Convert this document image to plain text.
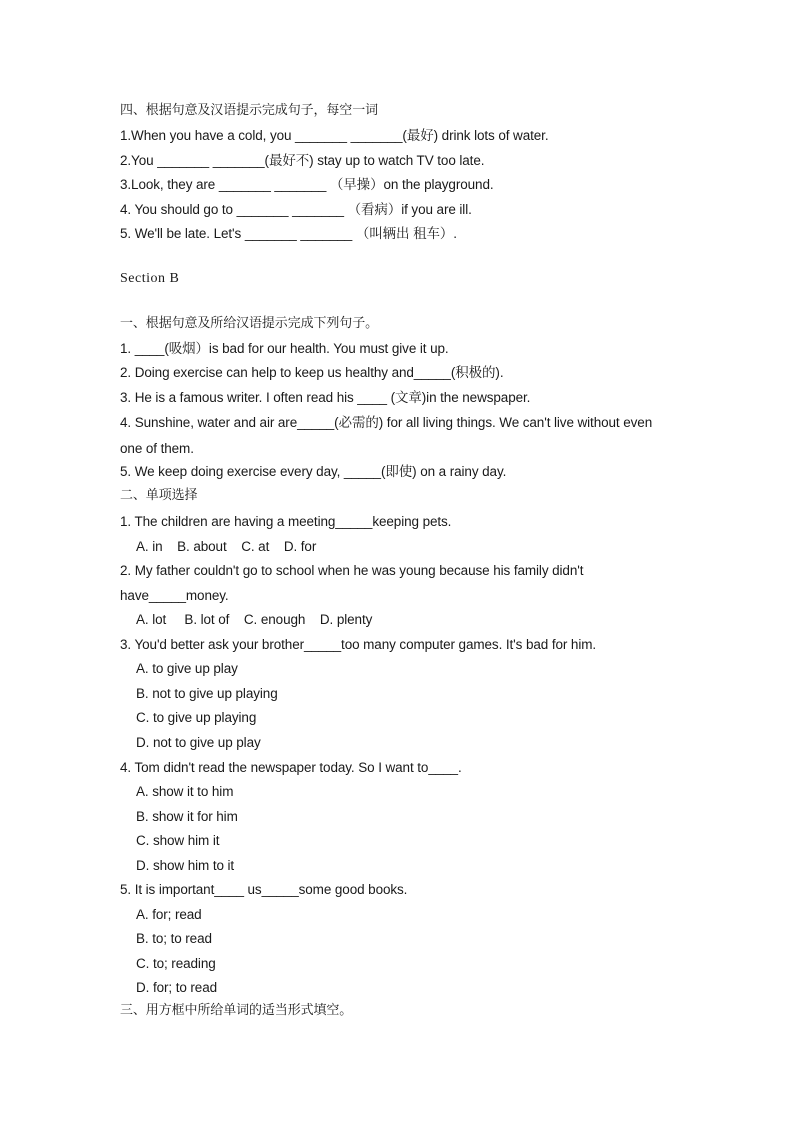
四、根据句意及汉语提示完成句子，每空一词
1.When you have a cold, you _______ _______(最好) drink lots of water.
2.You _______ _______(最好不) stay up to watch TV too late.
3.Look, they are _______ _______ （早操）on the playground.
4. You should go to _______ _______ （看病）if you are ill.
5. We'll be late. Let's _______ _______ （叫辆出 租车）.
Section B
一、根据句意及所给汉语提示完成下列句子。
1. ____(吸烟）is bad for our health. You must give it up.
2. Doing exercise can help to keep us healthy and_____(积极的).
3. He is a famous writer. I often read his ____ (文章)in the newspaper.
4. Sunshine, water and air are_____(必需的) for all living things. We can't live without even
one of them.
5. We keep doing exercise every day, _____(即使) on a rainy day.
二、单项选择
1. The children are having a meeting_____keeping pets.
A. in    B. about    C. at    D. for
2. My father couldn't go to school when he was young because his family didn't
have_____money.
A. lot     B. lot of    C. enough    D. plenty
3. You'd better ask your brother_____too many computer games. It's bad for him.
A. to give up play
B. not to give up playing
C. to give up playing
D. not to give up play
4. Tom didn't read the newspaper today. So I want to____.
A. show it to him
B. show it for him
C. show him it
D. show him to it
5. It is important____ us_____some good books.
A. for; read
B. to; to read
C. to; reading
D. for; to read
三、用方框中所给单词的适当形式填空。
